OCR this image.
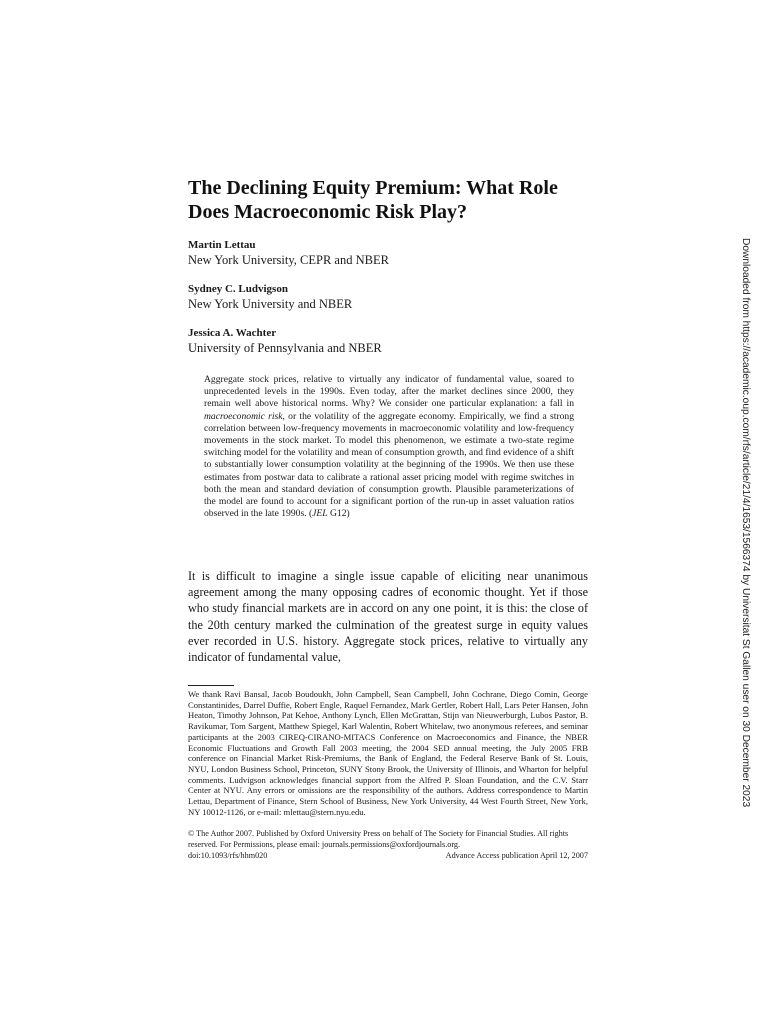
The Declining Equity Premium: What Role
Does Macroeconomic Risk Play?

Martin Lettau

New York University, CEPR and NBER

Sydney C. Ludvigson

New York University and NBER

Jessica A. Wachter

University of Pennsylvania and NBER

Aggregate stock prices, relative to virtually any indicator of fundamental value, soared to unprecedented levels in the 1990s. Even today, after the market declines since 2000, they remain well above historical norms. Why? We consider one particular explanation: a fall in macroeconomic risk, or the volatility of the aggregate economy. Empirically, we find a strong correlation between low-frequency movements in macroeconomic volatility and low-frequency movements in the stock market. To model this phenomenon, we estimate a two-state regime switching model for the volatility and mean of consumption growth, and find evidence of a shift to substantially lower consumption volatility at the beginning of the 1990s. We then use these estimates from postwar data to calibrate a rational asset pricing model with regime switches in both the mean and standard deviation of consumption growth. Plausible parameterizations of the model are found to account for a significant portion of the run-up in asset valuation ratios observed in the late 1990s. (JEL G12)

It is difficult to imagine a single issue capable of eliciting near unanimous agreement among the many opposing cadres of economic thought. Yet if those who study financial markets are in accord on any one point, it is this: the close of the 20th century marked the culmination of the greatest surge in equity values ever recorded in U.S. history. Aggregate stock prices, relative to virtually any indicator of fundamental value,

We thank Ravi Bansal, Jacob Boudoukh, John Campbell, Sean Campbell, John Cochrane, Diego Comin, George Constantinides, Darrel Duffie, Robert Engle, Raquel Fernandez, Mark Gertler, Robert Hall, Lars Peter Hansen, John Heaton, Timothy Johnson, Pat Kehoe, Anthony Lynch, Ellen McGrattan, Stijn van Nieuwerburgh, Lubos Pastor, B. Ravikumar, Tom Sargent, Matthew Spiegel, Karl Walentin, Robert Whitelaw, two anonymous referees, and seminar participants at the 2003 CIREQ-CIRANO-MITACS Conference on Macroeconomics and Finance, the NBER Economic Fluctuations and Growth Fall 2003 meeting, the 2004 SED annual meeting, the July 2005 FRB conference on Financial Market Risk-Premiums, the Bank of England, the Federal Reserve Bank of St. Louis, NYU, London Business School, Princeton, SUNY Stony Brook, the University of Illinois, and Wharton for helpful comments. Ludvigson acknowledges financial support from the Alfred P. Sloan Foundation, and the C.V. Starr Center at NYU. Any errors or omissions are the responsibility of the authors. Address correspondence to Martin Lettau, Department of Finance, Stern School of Business, New York University, 44 West Fourth Street, New York, NY 10012-1126, or e-mail: mlettau@stern.nyu.edu.

© The Author 2007. Published by Oxford University Press on behalf of The Society for Financial Studies. All rights reserved. For Permissions, please email: journals.permissions@oxfordjournals.org.

doi:10.1093/rfs/hhm020	Advance Access publication April 12, 2007
Downloaded from https://academic.oup.com/rfs/article/21/4/1653/1566374 by Universitat St Gallen user on 30 December 2023
